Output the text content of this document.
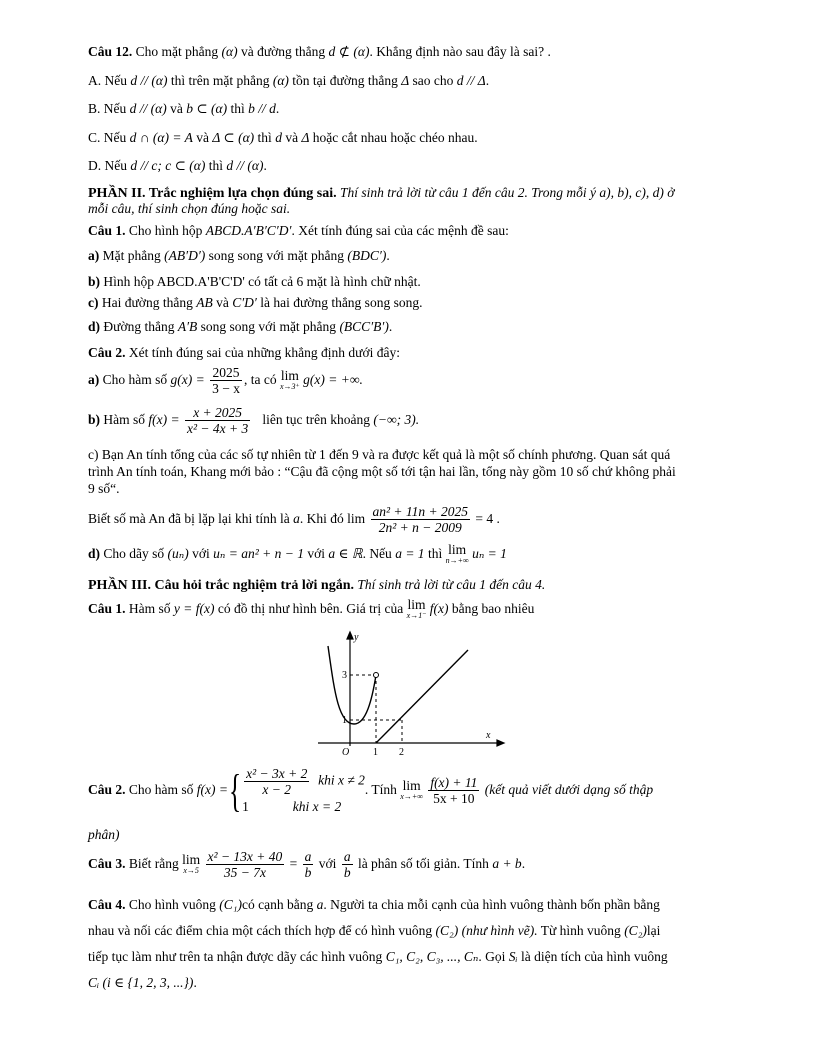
Câu 12. Cho mặt phẳng (α) và đường thẳng d ⊄ (α). Khẳng định nào sau đây là sai? .
A. Nếu d // (α) thì trên mặt phẳng (α) tồn tại đường thẳng Δ sao cho d // Δ.
B. Nếu d // (α) và b ⊂ (α) thì b // d.
C. Nếu d ∩ (α) = A và Δ ⊂ (α) thì d và Δ hoặc cắt nhau hoặc chéo nhau.
D. Nếu d // c; c ⊂ (α) thì d // (α).
PHẦN II. Trắc nghiệm lựa chọn đúng sai. Thí sinh trả lời từ câu 1 đến câu 2. Trong mỗi ý a), b), c), d) ở
mỗi câu, thí sinh chọn đúng hoặc sai.
Câu 1. Cho hình hộp ABCD.A′B′C′D′. Xét tính đúng sai của các mệnh đề sau:
a) Mặt phẳng (AB′D′) song song với mặt phẳng (BDC′).
b) Hình hộp ABCD.A'B'C'D' có tất cả 6 mặt là hình chữ nhật.
c) Hai đường thẳng AB và C′D′ là hai đường thẳng song song.
d) Đường thẳng A′B song song với mặt phẳng (BCC′B′).
Câu 2. Xét tính đúng sai của những khẳng định dưới đây:
a) Cho hàm số $g(x) = \frac{2025}{3 - x}$ , ta có lim
x→3⁺ g(x) = +∞.
b) Hàm số $f(x) = \frac{x + 2025}{\text{x² − 4x + 3}}$ liên tục trên khoảng (−∞; 3).
c) Bạn An tính tổng của các số tự nhiên từ 1 đến 9 và ra được kết quả là một số chính phương. Quan sát quá
trình An tính toán, Khang mới bảo : “Cậu đã cộng một số tới tận hai lần, tổng này gồm 10 số chứ không phải
9 số“.
Biết số mà An đã bị lặp lại khi tính là a. Khi đó $\lim \frac{\text{an² + 11n + 2025}}{\text{2n² + n − 2009}} = 4$ .
d) Cho dãy số (uₙ) với uₙ = an² + n − 1 với a ∈ ℝ. Nếu a = 1 thì lim
n→+∞ uₙ = 1
PHẦN III. Câu hỏi trắc nghiệm trả lời ngắn. Thí sinh trả lời từ câu 1 đến câu 4.
Câu 1. Hàm số y = f(x) có đồ thị như hình bên. Giá trị của lim
x→1⁻ f(x) bằng bao nhiêu
y
x
O
3
1
1 2
Câu 2. Cho hàm số f(x) ={ $\frac{\text{x² − 3x + 2}}{x - 2}$ khi x ≠ 2
1	khi x = 2
. Tính lim
x→+∞
$\frac{f(x) + 11}{5x + 10}$ (kết quả viết dưới dạng số thập
phân)
Câu 3. Biết rằng lim
x→5
$\frac{\text{x² − 13x + 40}}{35 - 7x} = \frac{a}{b}$ với $\frac{a}{b}$ là phân số tối giản. Tính a + b.
Câu 4. Cho hình vuông (C₁)có cạnh bằng a. Người ta chia mỗi cạnh của hình vuông thành bốn phần bằng
nhau và nối các điểm chia một cách thích hợp để có hình vuông (C₂) (như hình vẽ). Từ hình vuông (C₂)lại
tiếp tục làm như trên ta nhận được dãy các hình vuông C₁, C₂, C₃, ..., Cₙ. Gọi Sᵢ là diện tích của hình vuông
Cᵢ (i ∈ {1, 2, 3, ...}).
